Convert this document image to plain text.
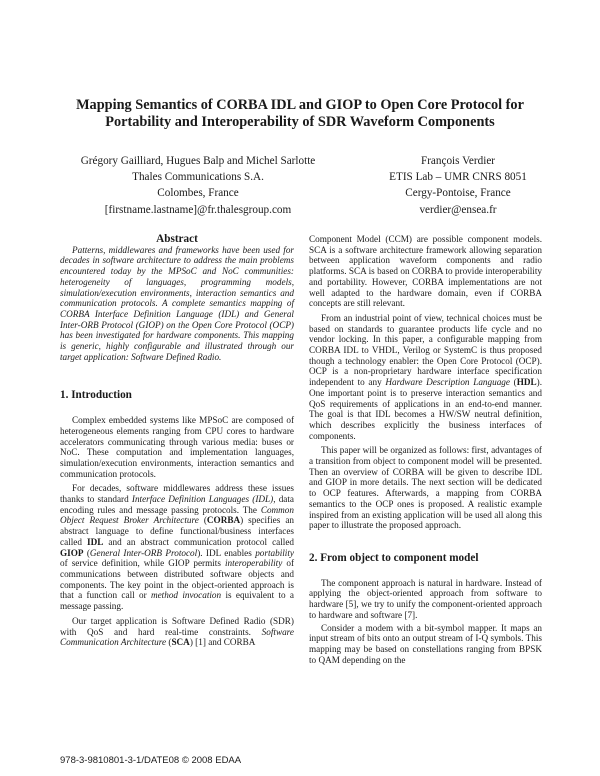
Mapping Semantics of CORBA IDL and GIOP to Open Core Protocol for
Portability and Interoperability of SDR Waveform Components
Grégory Gailliard, Hugues Balp and Michel Sarlotte
Thales Communications S.A.
Colombes, France
[firstname.lastname]@fr.thalesgroup.com
François Verdier
ETIS Lab – UMR CNRS 8051
Cergy-Pontoise, France
verdier@ensea.fr

Abstract

Patterns, middlewares and frameworks have been used for decades in software architecture to address the main problems encountered today by the MPSoC and NoC communities: heterogeneity of languages, programming models, simulation/execution environments, interaction semantics and communication protocols. A complete semantics mapping of CORBA Interface Definition Language (IDL) and General Inter-ORB Protocol (GIOP) on the Open Core Protocol (OCP) has been investigated for hardware components. This mapping is generic, highly configurable and illustrated through our target application: Software Defined Radio.

1. Introduction

Complex embedded systems like MPSoC are composed of heterogeneous elements ranging from CPU cores to hardware accelerators communicating through various media: buses or NoC. These computation and implementation languages, simulation/execution environments, interaction semantics and communication protocols.

For decades, software middlewares address these issues thanks to standard Interface Definition Languages (IDL), data encoding rules and message passing protocols. The Common Object Request Broker Architecture (CORBA) specifies an abstract language to define functional/business interfaces called IDL and an abstract communication protocol called GIOP (General Inter-ORB Protocol). IDL enables portability of service definition, while GIOP permits interoperability of communications between distributed software objects and components. The key point in the object-oriented approach is that a function call or method invocation is equivalent to a message passing.

Our target application is Software Defined Radio (SDR) with QoS and hard real-time constraints. Software Communication Architecture (SCA) [1] and CORBA

Component Model (CCM) are possible component models. SCA is a software architecture framework allowing separation between application waveform components and radio platforms. SCA is based on CORBA to provide interoperability and portability. However, CORBA implementations are not well adapted to the hardware domain, even if CORBA concepts are still relevant.

From an industrial point of view, technical choices must be based on standards to guarantee products life cycle and no vendor locking. In this paper, a configurable mapping from CORBA IDL to VHDL, Verilog or SystemC is thus proposed though a technology enabler: the Open Core Protocol (OCP). OCP is a non-proprietary hardware interface specification independent to any Hardware Description Language (HDL). One important point is to preserve interaction semantics and QoS requirements of applications in an end-to-end manner. The goal is that IDL becomes a HW/SW neutral definition, which describes explicitly the business interfaces of components.

This paper will be organized as follows: first, advantages of a transition from object to component model will be presented. Then an overview of CORBA will be given to describe IDL and GIOP in more details. The next section will be dedicated to OCP features. Afterwards, a mapping from CORBA semantics to the OCP ones is proposed. A realistic example inspired from an existing application will be used all along this paper to illustrate the proposed approach.

2. From object to component model

The component approach is natural in hardware. Instead of applying the object-oriented approach from software to hardware [5], we try to unify the component-oriented approach to hardware and software [7].

Consider a modem with a bit-symbol mapper. It maps an input stream of bits onto an output stream of I-Q symbols. This mapping may be based on constellations ranging from BPSK to QAM depending on the

978-3-9810801-3-1/DATE08 © 2008 EDAA
